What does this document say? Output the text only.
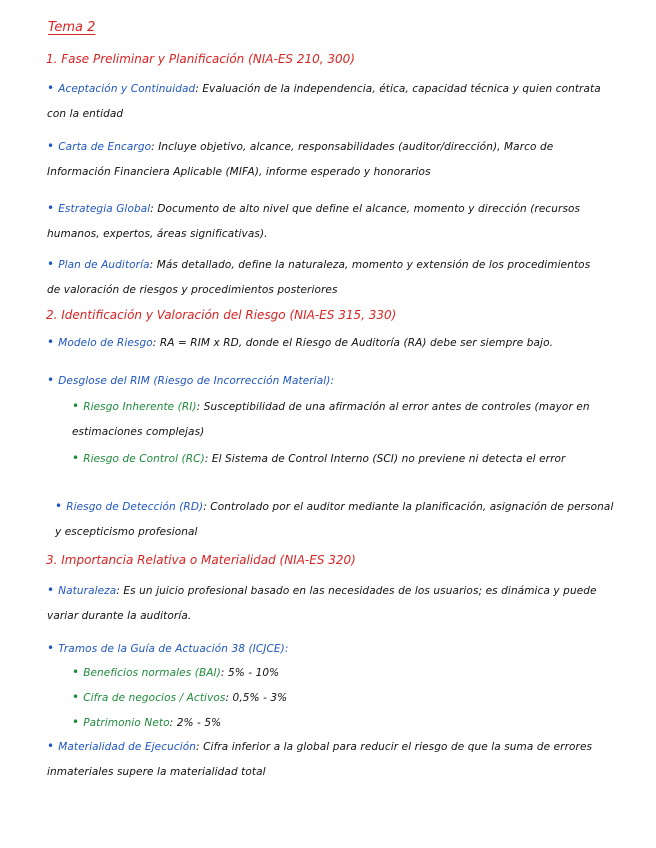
Tema 2
1. Fase Preliminar y Planificación (NIA-ES 210, 300)
• Aceptación y Continuidad: Evaluación de la independencia, ética, capacidad técnica y quien contrata con la entidad
• Carta de Encargo: Incluye objetivo, alcance, responsabilidades (auditor/dirección), Marco de Información Financiera Aplicable (MIFA), informe esperado y honorarios
• Estrategia Global: Documento de alto nivel que define el alcance, momento y dirección (recursos humanos, expertos, áreas significativas).
• Plan de Auditoría: Más detallado, define la naturaleza, momento y extensión de los procedimientos de valoración de riesgos y procedimientos posteriores
2. Identificación y Valoración del Riesgo (NIA-ES 315, 330)
• Modelo de Riesgo: RA = RIM x RD, donde el Riesgo de Auditoría (RA) debe ser siempre bajo.
• Desglose del RIM (Riesgo de Incorrección Material):
• Riesgo Inherente (RI): Susceptibilidad de una afirmación al error antes de controles (mayor en estimaciones complejas)
• Riesgo de Control (RC): El Sistema de Control Interno (SCI) no previene ni detecta el error
• Riesgo de Detección (RD): Controlado por el auditor mediante la planificación, asignación de personal y escepticismo profesional
3. Importancia Relativa o Materialidad (NIA-ES 320)
• Naturaleza: Es un juicio profesional basado en las necesidades de los usuarios; es dinámica y puede variar durante la auditoría.
• Tramos de la Guía de Actuación 38 (ICJCE):
• Beneficios normales (BAI): 5% - 10%
• Cifra de negocios / Activos: 0,5% - 3%
• Patrimonio Neto: 2% - 5%
• Materialidad de Ejecución: Cifra inferior a la global para reducir el riesgo de que la suma de errores inmateriales supere la materialidad total
